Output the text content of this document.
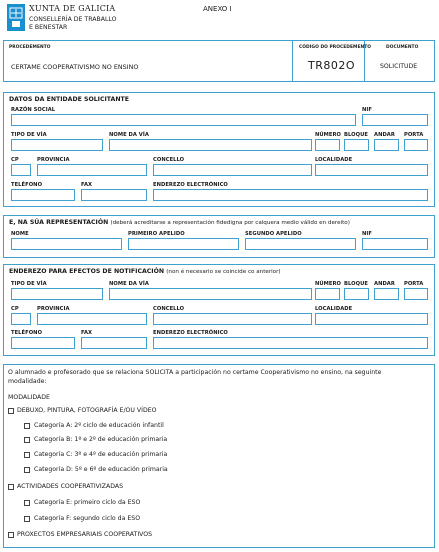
XUNTA DE GALICIA
CONSELLERÍA DE TRABALLO
E BENESTAR
ANEXO I
PROCEDEMENTO	CÓDIGO DO PROCEDEMENTO	DOCUMENTO
CERTAME COOPERATIVISMO NO ENSINO	TR802O	SOLICITUDE
DATOS DA ENTIDADE SOLICITANTE
RAZÓN SOCIAL	NIF
TIPO DE VÍA	NOME DA VÍA	NÚMERO BLOQUE ANDAR PORTA
CP	PROVINCIA	CONCELLO	LOCALIDADE
TELÉFONO	FAX	ENDEREZO ELECTRÓNICO
E, NA SÚA REPRESENTACIÓN (deberá acreditarse a representación fidedigna por calquera medio válido en dereito)
NOME	PRIMEIRO APELIDO	SEGUNDO APELIDO	NIF
ENDEREZO PARA EFECTOS DE NOTIFICACIÓN (non é necesario se coincide co anterior)
TIPO DE VÍA	NOME DA VÍA	NÚMERO BLOQUE ANDAR PORTA
CP	PROVINCIA	CONCELLO	LOCALIDADE
TELÉFONO	FAX	ENDEREZO ELECTRÓNICO
O alumnado e profesorado que se relaciona SOLICITA a participación no certame Cooperativismo no ensino, na seguinte
modalidade:
MODALIDADE
DEBUXO, PINTURA, FOTOGRAFÍA E/OU VÍDEO
Categoría A: 2º ciclo de educación infantil
Categoría B: 1º e 2º de educación primaria
Categoría C: 3º e 4º de educación primaria
Categoría D: 5º e 6º de educación primaria
ACTIVIDADES COOPERATIVIZADAS
Categoría E: primeiro ciclo da ESO
Categoría F: segundo ciclo da ESO
PROXECTOS EMPRESARIAIS COOPERATIVOS
